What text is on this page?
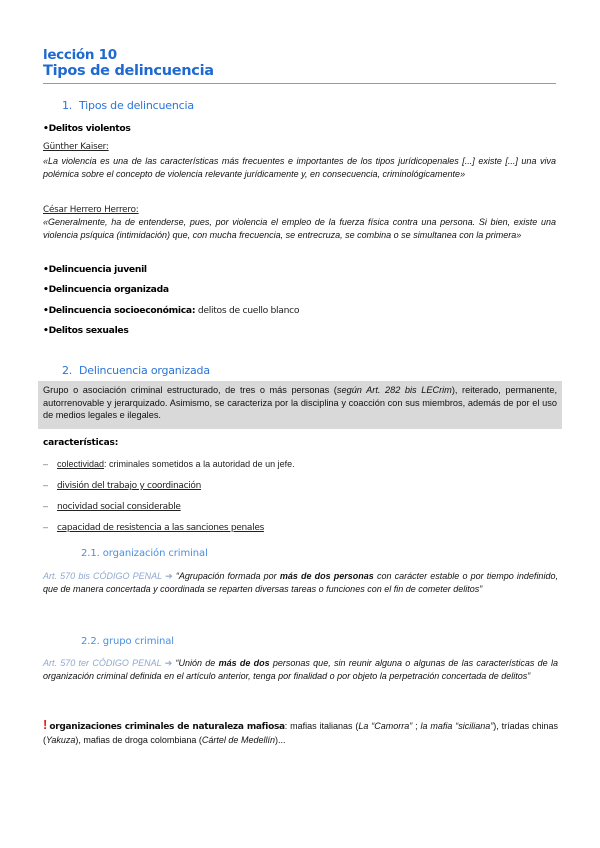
lección 10
Tipos de delincuencia
1. Tipos de delincuencia
•Delitos violentos
Günther Kaiser:
«La violencia es una de las características más frecuentes e importantes de los tipos jurídicopenales [...] existe [...] una viva polémica sobre el concepto de violencia relevante jurídicamente y, en consecuencia, criminológicamente»
César Herrero Herrero:
«Generalmente, ha de entenderse, pues, por violencia el empleo de la fuerza física contra una persona. Si bien, existe una violencia psíquica (intimidación) que, con mucha frecuencia, se entrecruza, se combina o se simultanea con la primera»
•Delincuencia juvenil
•Delincuencia organizada
•Delincuencia socioeconómica: delitos de cuello blanco
•Delitos sexuales
2. Delincuencia organizada
Grupo o asociación criminal estructurado, de tres o más personas (según Art. 282 bis LECrim), reiterado, permanente, autorrenovable y jerarquizado. Asimismo, se caracteriza por la disciplina y coacción con sus miembros, además de por el uso de medios legales e ilegales.
características:
– colectividad: criminales sometidos a la autoridad de un jefe.
– división del trabajo y coordinación
– nocividad social considerable
– capacidad de resistencia a las sanciones penales
2.1. organización criminal
Art. 570 bis CÓDIGO PENAL ➔ “Agrupación formada por más de dos personas con carácter estable o por tiempo indefinido, que de manera concertada y coordinada se reparten diversas tareas o funciones con el fin de cometer delitos”
2.2. grupo criminal
Art. 570 ter CÓDIGO PENAL ➔ “Unión de más de dos personas que, sin reunir alguna o algunas de las características de la organización criminal definida en el artículo anterior, tenga por finalidad o por objeto la perpetración concertada de delitos”
! organizaciones criminales de naturaleza mafiosa: mafias italianas (La “Camorra” ; la mafia “siciliana”), tríadas chinas (Yakuza), mafias de droga colombiana (Cártel de Medellín)...
